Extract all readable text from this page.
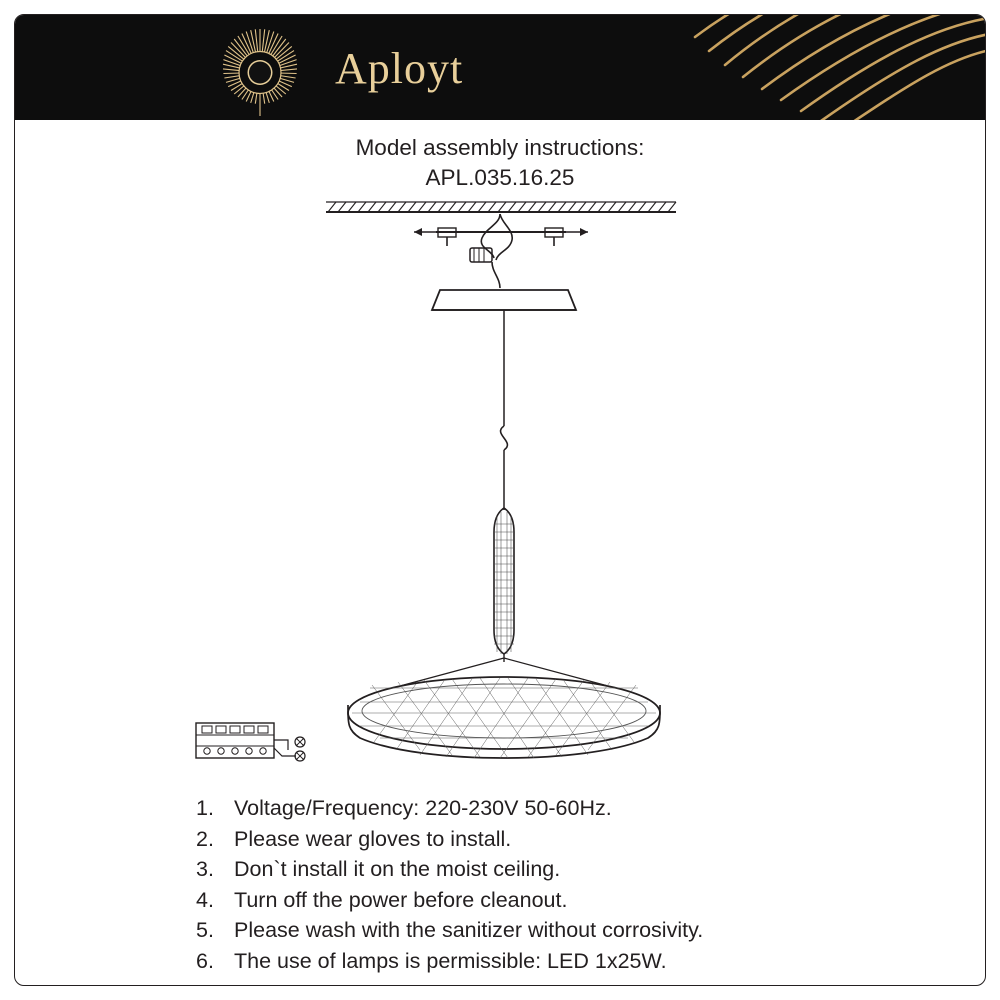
Aployt
Model assembly instructions:
APL.035.16.25
1. Voltage/Frequency: 220-230V 50-60Hz.
2. Please wear gloves to install.
3. Don`t install it on the moist ceiling.
4. Turn off the power before cleanout.
5. Please wash with the sanitizer without corrosivity.
6. The use of lamps is permissible: LED 1x25W.
